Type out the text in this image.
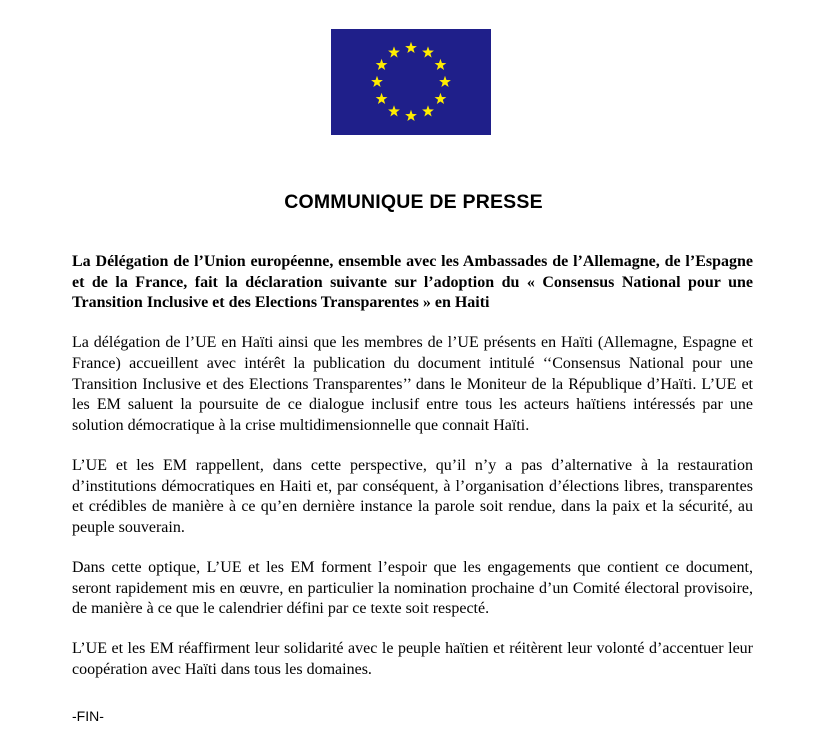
COMMUNIQUE DE PRESSE

La Délégation de l’Union européenne, ensemble avec les Ambassades de l’Allemagne, de l’Espagne et de la France, fait la déclaration suivante sur l’adoption du « Consensus National pour une Transition Inclusive et des Elections Transparentes » en Haiti

La délégation de l’UE en Haïti ainsi que les membres de l’UE présents en Haïti (Allemagne, Espagne et France) accueillent avec intérêt la publication du document intitulé ‘‘Consensus National pour une Transition Inclusive et des Elections Transparentes’’ dans le Moniteur de la République d’Haïti. L’UE et les EM saluent la poursuite de ce dialogue inclusif entre tous les acteurs haïtiens intéressés par une solution démocratique à la crise multidimensionnelle que connait Haïti.

L’UE et les EM rappellent, dans cette perspective, qu’il n’y a pas d’alternative à la restauration d’institutions démocratiques en Haiti et, par conséquent, à l’organisation d’élections libres, transparentes et crédibles de manière à ce qu’en dernière instance la parole soit rendue, dans la paix et la sécurité, au peuple souverain.

Dans cette optique, L’UE et les EM forment l’espoir que les engagements que contient ce document, seront rapidement mis en œuvre, en particulier la nomination prochaine d’un Comité électoral provisoire, de manière à ce que le calendrier défini par ce texte soit respecté.

L’UE et les EM réaffirment leur solidarité avec le peuple haïtien et réitèrent leur volonté d’accentuer leur coopération avec Haïti dans tous les domaines.

-FIN-
